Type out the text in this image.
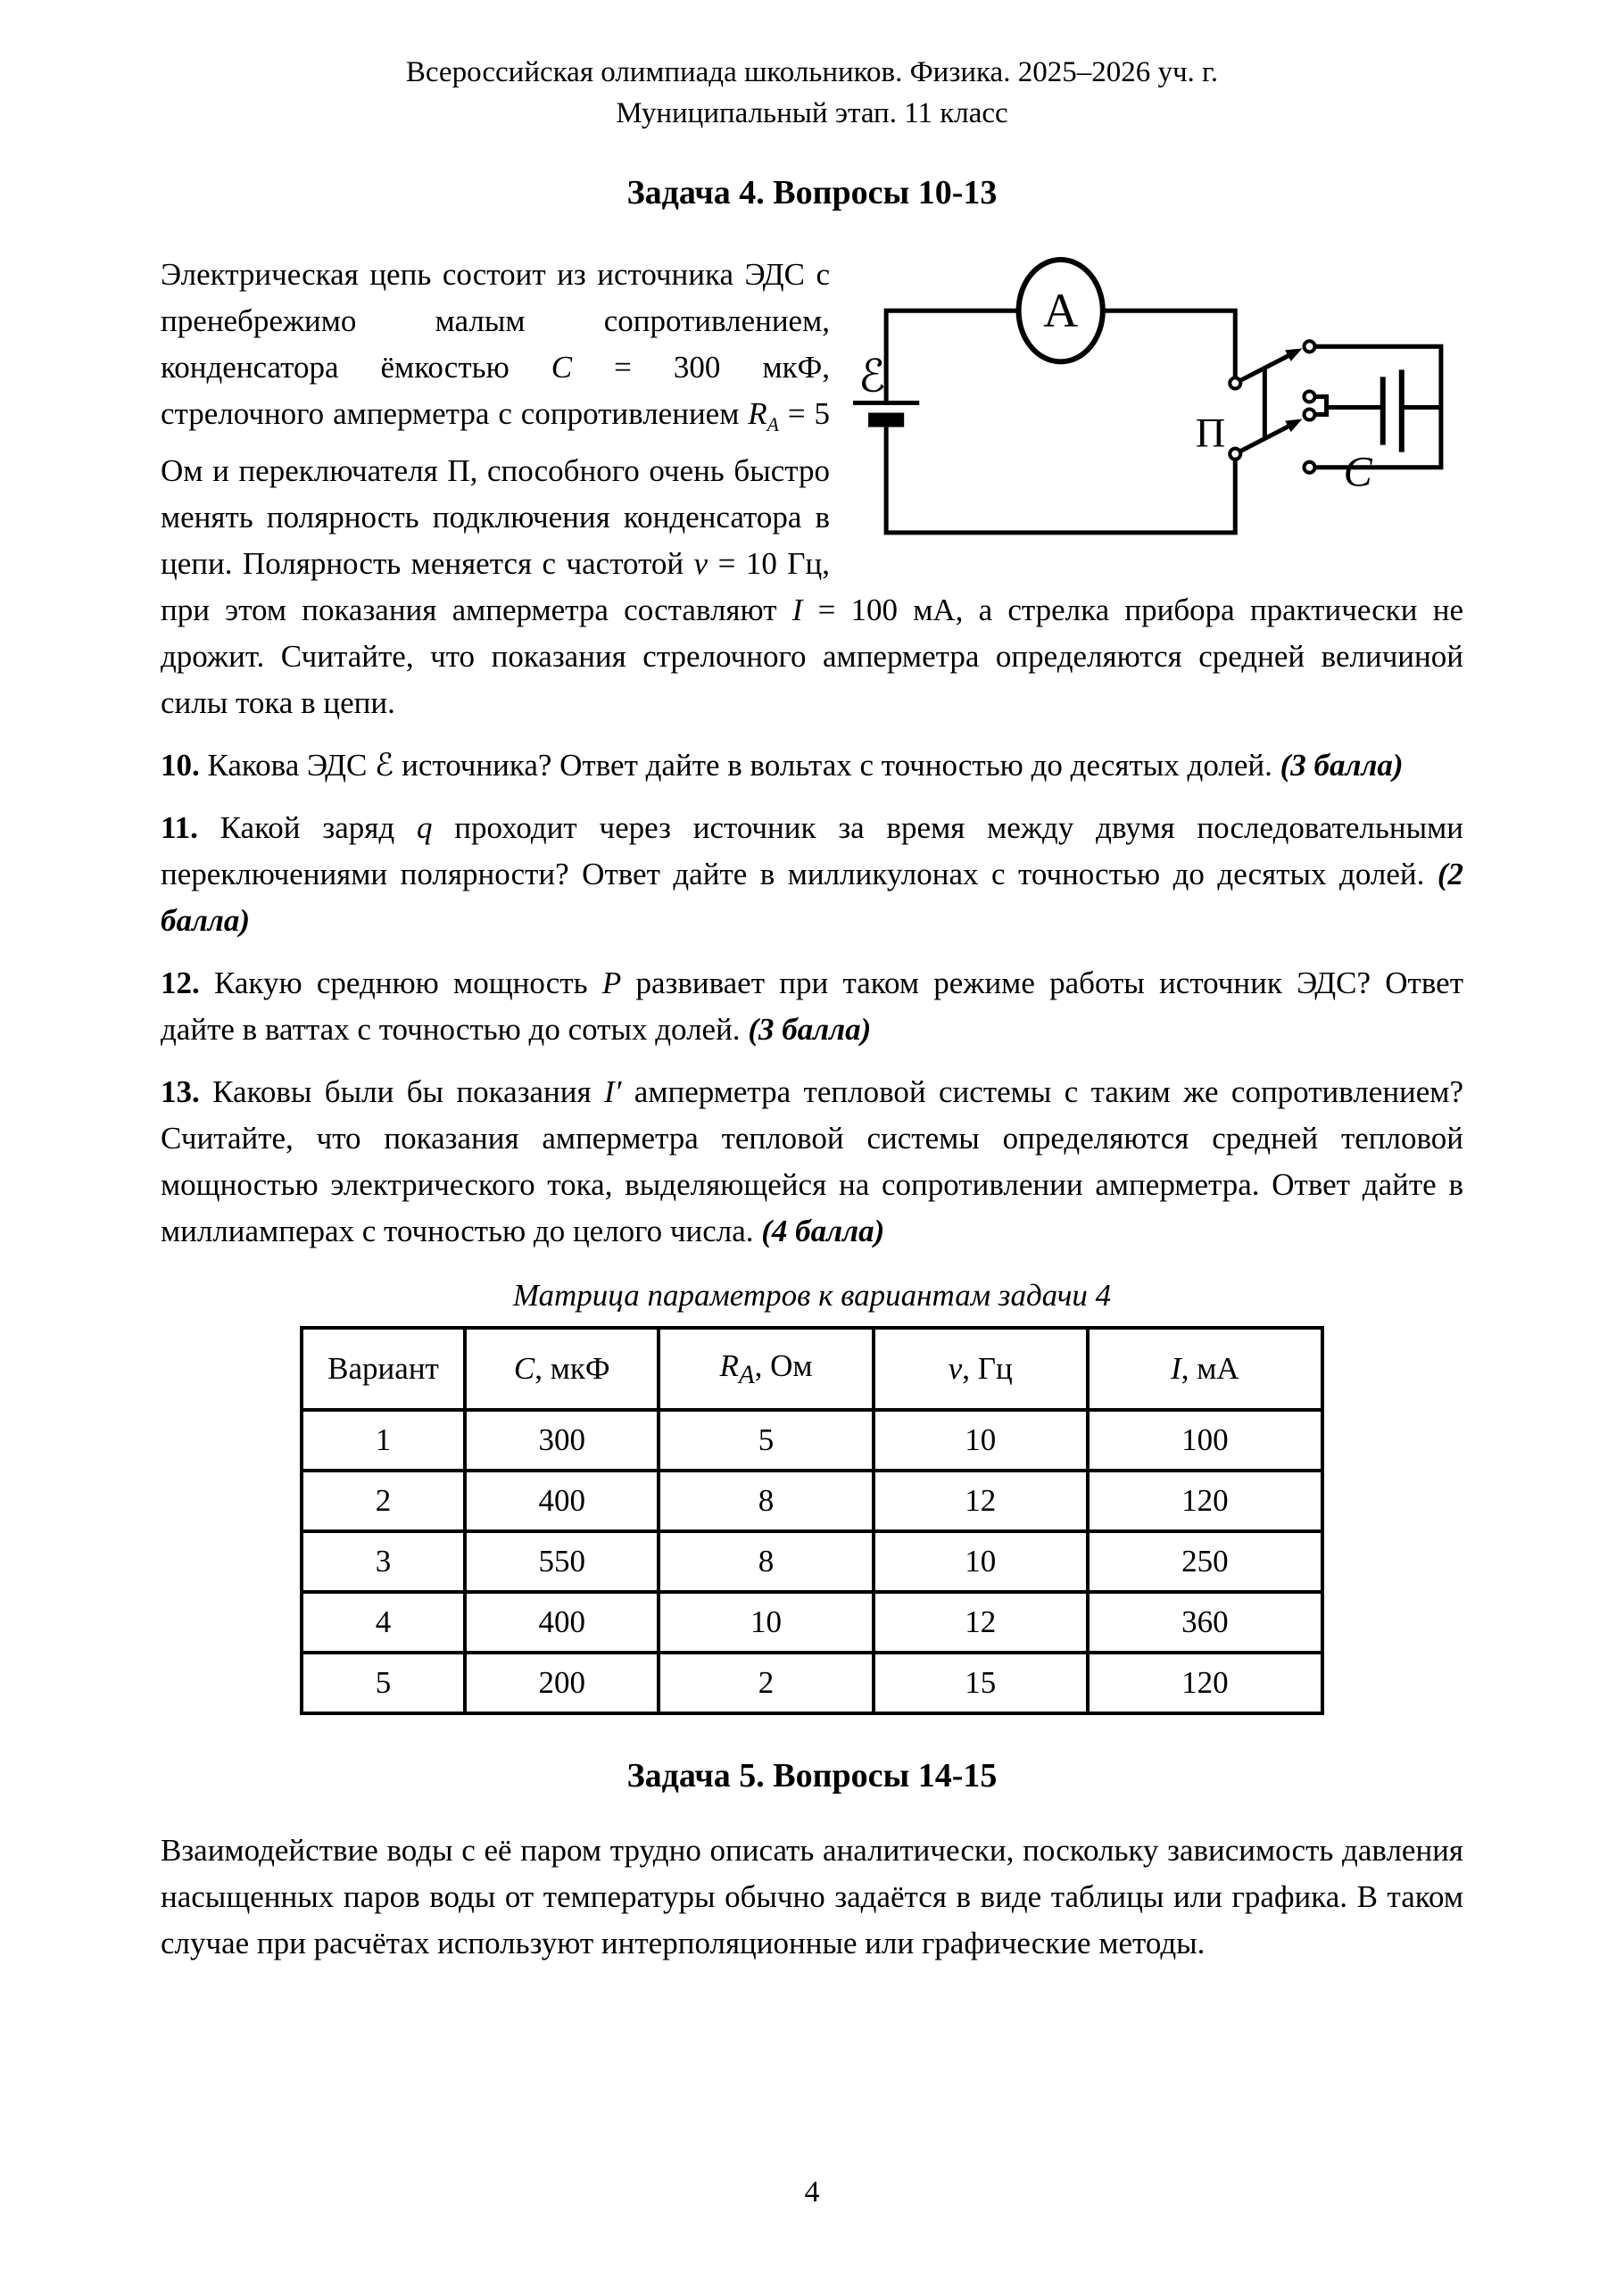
Всероссийская олимпиада школьников. Физика. 2025–2026 уч. г.
Муниципальный этап. 11 класс
Задача 4. Вопросы 10-13
ℰ
А
П
C

Электрическая цепь состоит из источника ЭДС с пренебрежимо малым сопротивлением, конденсатора ёмкостью C = 300 мкФ, стрелочного амперметра с сопротивлением $R_A = 5$ Ом и переключателя П, способного очень быстро менять полярность подключения конденсатора в цепи. Полярность меняется с частотой ν = 10 Гц, при этом показания амперметра составляют I = 100 мА, а стрелка прибора практически не дрожит. Считайте, что показания стрелочного амперметра определяются средней величиной силы тока в цепи.

10. Какова ЭДС ℰ источника? Ответ дайте в вольтах с точностью до десятых долей. (3 балла)

11. Какой заряд q проходит через источник за время между двумя последовательными переключениями полярности? Ответ дайте в милликулонах с точностью до десятых долей. (2 балла)

12. Какую среднюю мощность P развивает при таком режиме работы источник ЭДС? Ответ дайте в ваттах с точностью до сотых долей. (3 балла)

13. Каковы были бы показания I′ амперметра тепловой системы с таким же сопротивлением? Считайте, что показания амперметра тепловой системы определяются средней тепловой мощностью электрического тока, выделяющейся на сопротивлении амперметра. Ответ дайте в миллиамперах с точностью до целого числа. (4 балла)

Матрица параметров к вариантам задачи 4
Вариант	C, мкФ	$R_A$, Ом	ν, Гц	I, мА
1	300	5	10	100
2	400	8	12	120
3	550	8	10	250
4	400	10	12	360
5	200	2	15	120
Задача 5. Вопросы 14-15

Взаимодействие воды с её паром трудно описать аналитически, поскольку зависимость давления насыщенных паров воды от температуры обычно задаётся в виде таблицы или графика. В таком случае при расчётах используют интерполяционные или графические методы.

4
